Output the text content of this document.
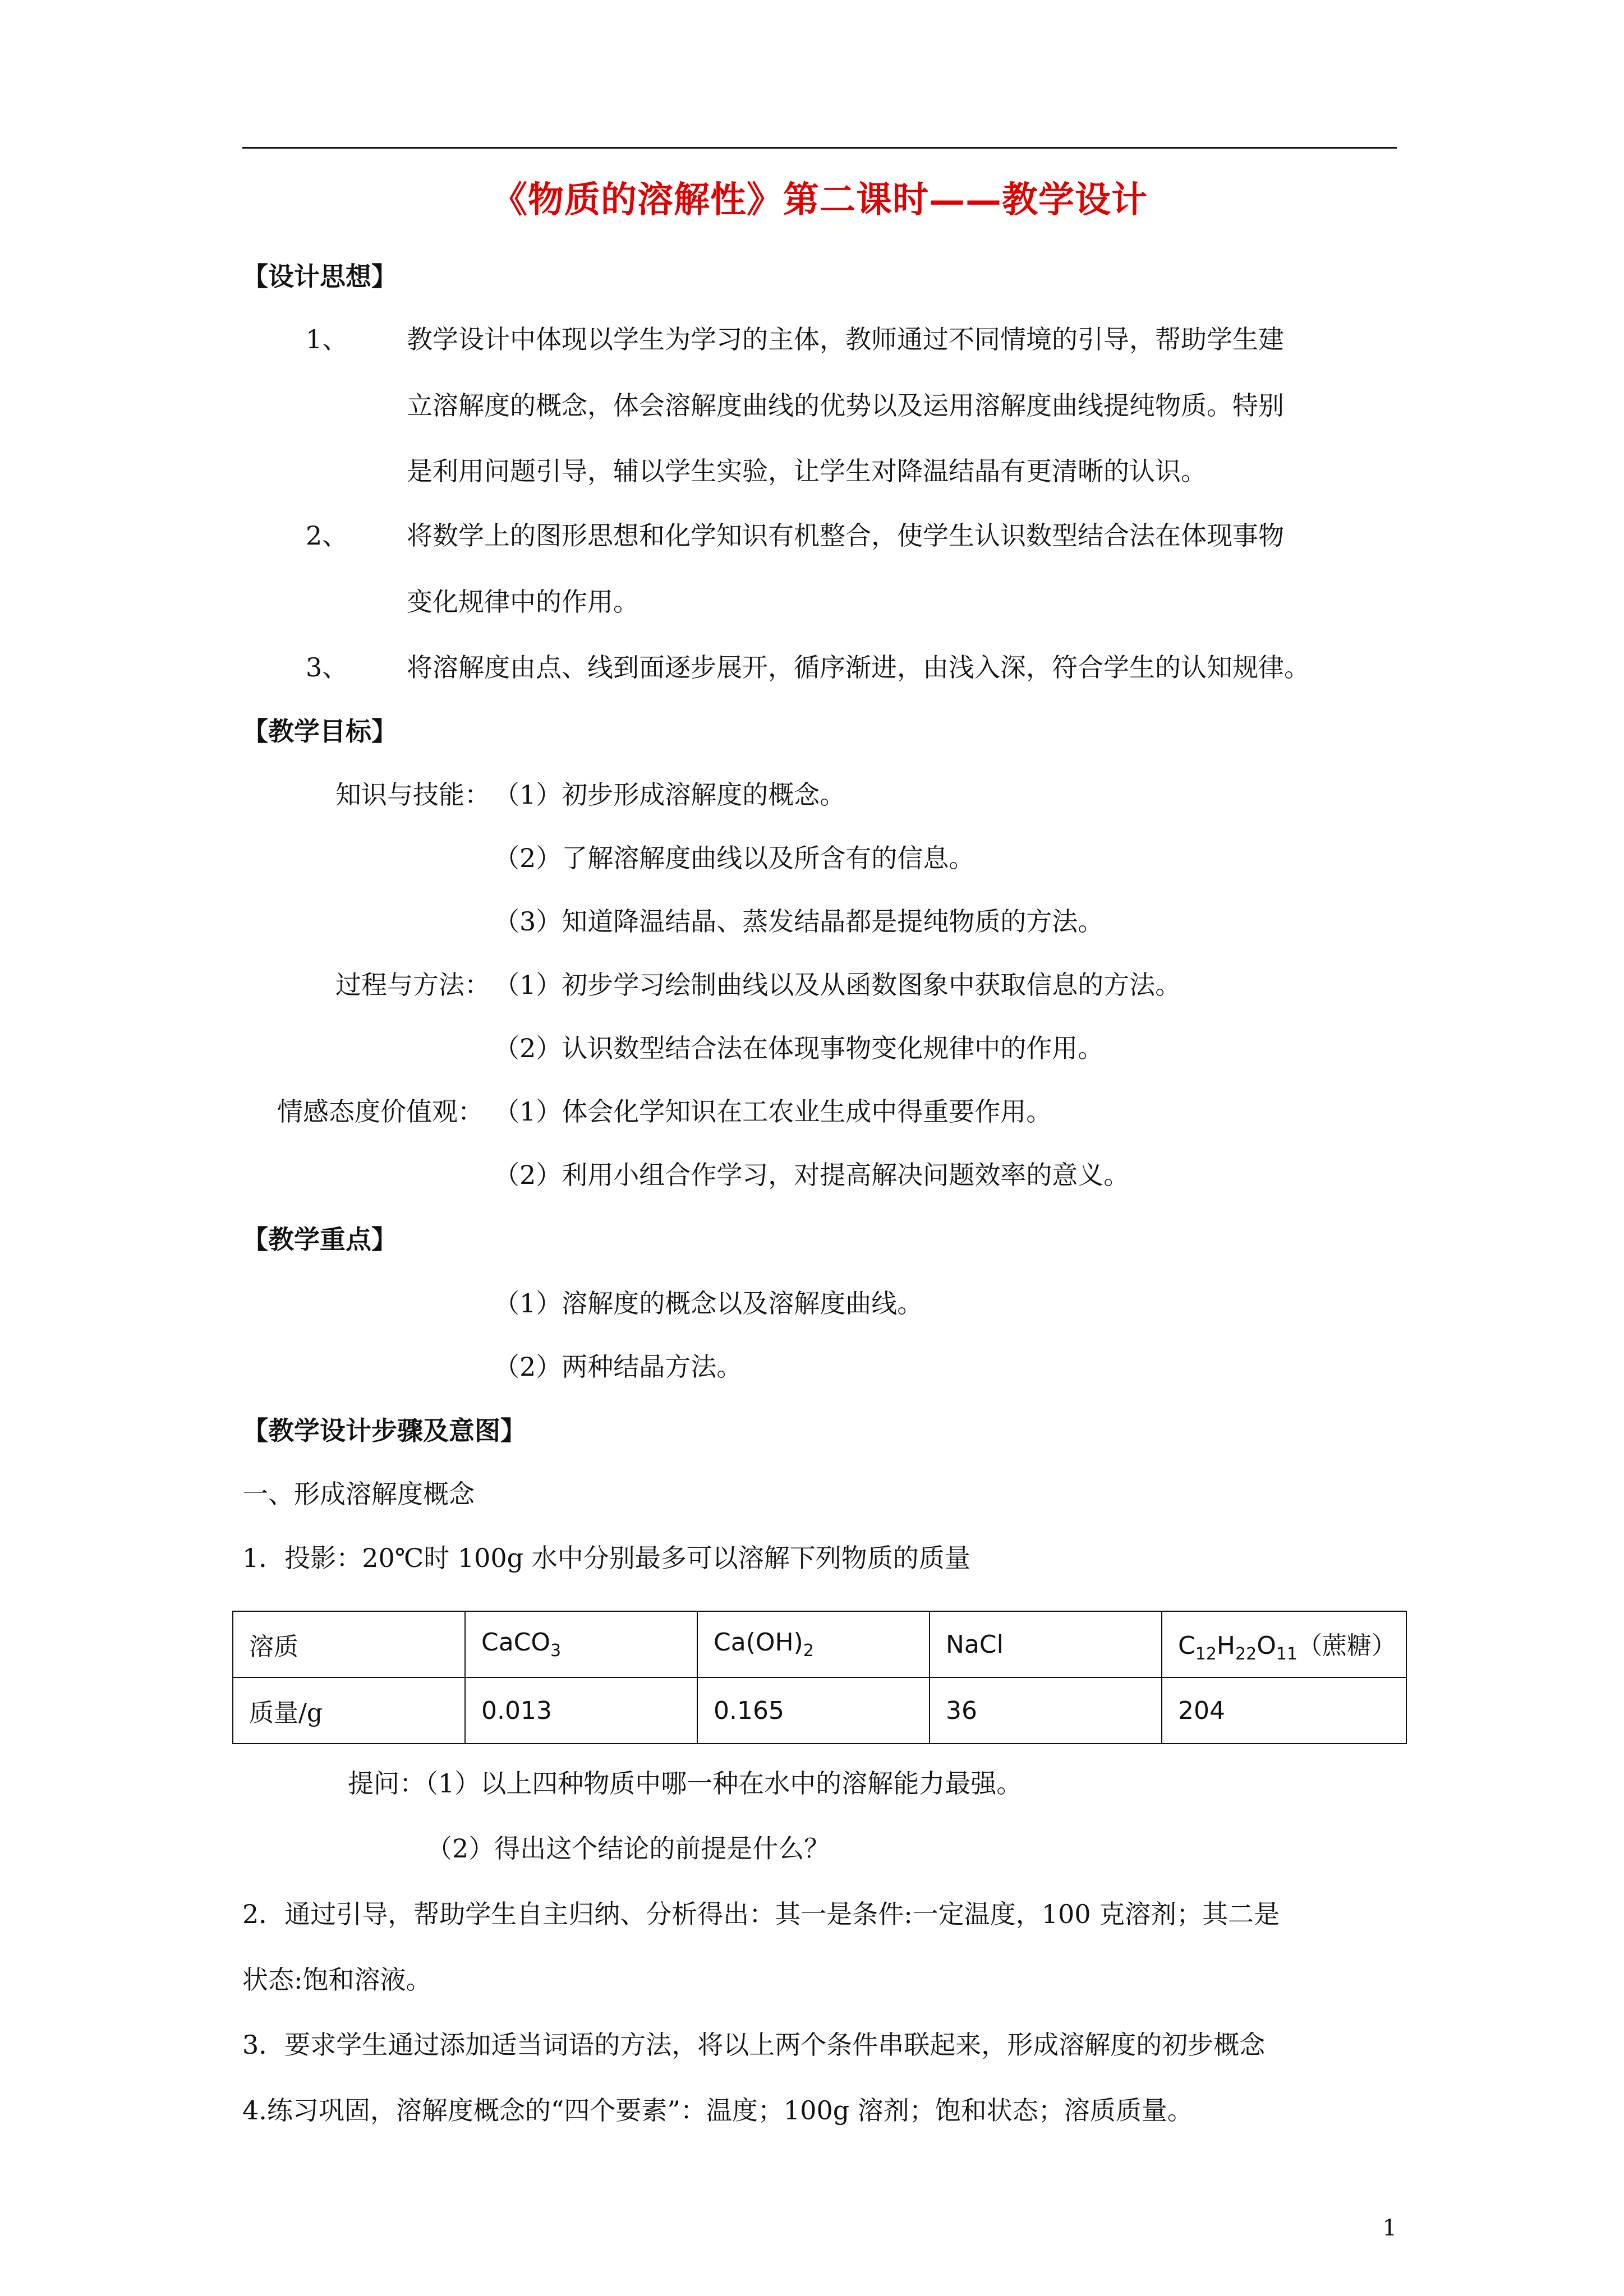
《物质的溶解性》第二课时——教学设计
【设计思想】
1、 教学设计中体现以学生为学习的主体，教师通过不同情境的引导，帮助学生建
立溶解度的概念，体会溶解度曲线的优势以及运用溶解度曲线提纯物质。特别
是利用问题引导，辅以学生实验，让学生对降温结晶有更清晰的认识。
2、 将数学上的图形思想和化学知识有机整合，使学生认识数型结合法在体现事物
变化规律中的作用。
3、 将溶解度由点、线到面逐步展开，循序渐进，由浅入深，符合学生的认知规律。
【教学目标】
知识与技能： （1）初步形成溶解度的概念。
（2）了解溶解度曲线以及所含有的信息。
（3）知道降温结晶、蒸发结晶都是提纯物质的方法。
过程与方法： （1）初步学习绘制曲线以及从函数图象中获取信息的方法。
（2）认识数型结合法在体现事物变化规律中的作用。
情感态度价值观： （1）体会化学知识在工农业生成中得重要作用。
（2）利用小组合作学习，对提高解决问题效率的意义。
【教学重点】
（1）溶解度的概念以及溶解度曲线。
（2）两种结晶方法。
【教学设计步骤及意图】
一、形成溶解度概念
1．投影：20℃时 100g 水中分别最多可以溶解下列物质的质量
溶质	CaCO$_3$	$Ca(OH)_2$	NaCl	$C_{12}H_{22}O_{11}$（蔗糖）
质量/g	0.013	0.165	36	204
提问：（1）以上四种物质中哪一种在水中的溶解能力最强。
（2）得出这个结论的前提是什么？
2．通过引导，帮助学生自主归纳、分析得出：其一是条件:一定温度，100 克溶剂；其二是
状态:饱和溶液。
3．要求学生通过添加适当词语的方法，将以上两个条件串联起来，形成溶解度的初步概念
4.练习巩固，溶解度概念的“四个要素”：温度；100g 溶剂；饱和状态；溶质质量。
1
